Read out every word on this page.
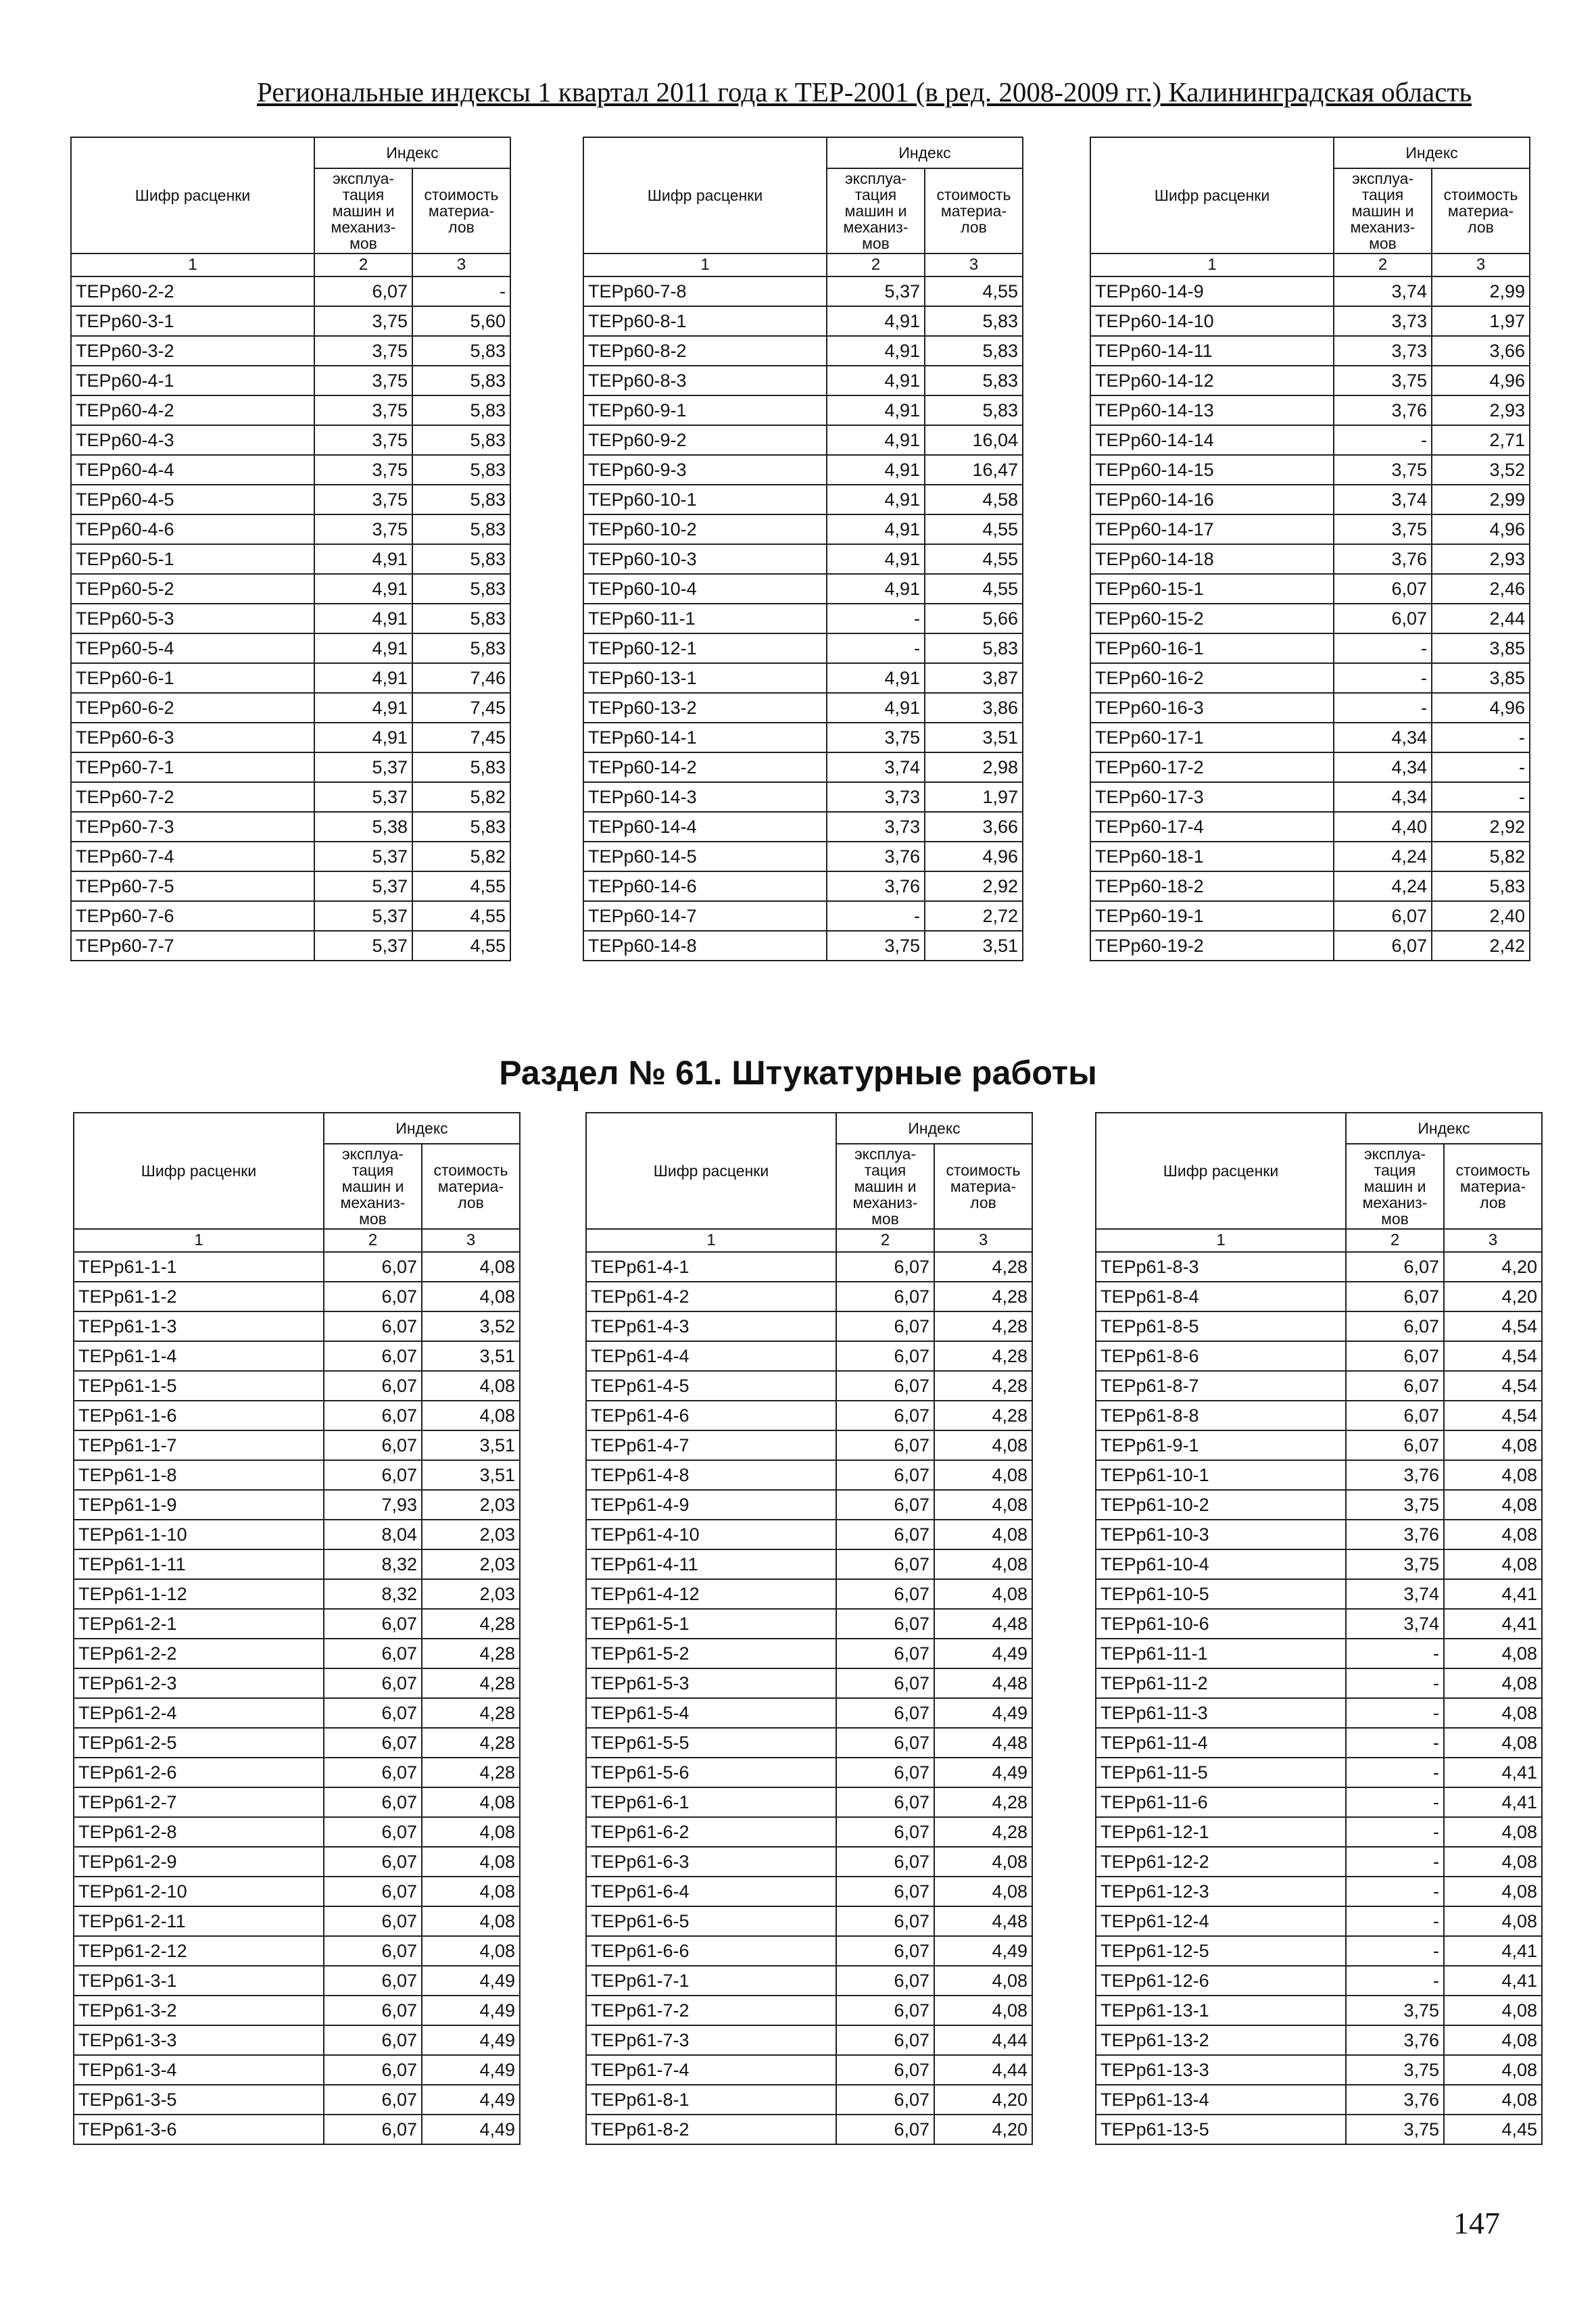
Региональные индексы 1 квартал 2011 года к ТЕР-2001 (в ред. 2008-2009 гг.) Калининградская область
Раздел № 61. Штукатурные работы
147
Шифр расценки	Индекс	
	эксплуа-
тация
машин и
механиз-
мов	стоимость
материа-
лов
1	2	3
ТЕРр60-2-2	6,07	-
ТЕРр60-3-1	3,75	5,60
ТЕРр60-3-2	3,75	5,83
ТЕРр60-4-1	3,75	5,83
ТЕРр60-4-2	3,75	5,83
ТЕРр60-4-3	3,75	5,83
ТЕРр60-4-4	3,75	5,83
ТЕРр60-4-5	3,75	5,83
ТЕРр60-4-6	3,75	5,83
ТЕРр60-5-1	4,91	5,83
ТЕРр60-5-2	4,91	5,83
ТЕРр60-5-3	4,91	5,83
ТЕРр60-5-4	4,91	5,83
ТЕРр60-6-1	4,91	7,46
ТЕРр60-6-2	4,91	7,45
ТЕРр60-6-3	4,91	7,45
ТЕРр60-7-1	5,37	5,83
ТЕРр60-7-2	5,37	5,82
ТЕРр60-7-3	5,38	5,83
ТЕРр60-7-4	5,37	5,82
ТЕРр60-7-5	5,37	4,55
ТЕРр60-7-6	5,37	4,55
ТЕРр60-7-7	5,37	4,55
Шифр расценки	Индекс	
	эксплуа-
тация
машин и
механиз-
мов	стоимость
материа-
лов
1	2	3
ТЕРр60-7-8	5,37	4,55
ТЕРр60-8-1	4,91	5,83
ТЕРр60-8-2	4,91	5,83
ТЕРр60-8-3	4,91	5,83
ТЕРр60-9-1	4,91	5,83
ТЕРр60-9-2	4,91	16,04
ТЕРр60-9-3	4,91	16,47
ТЕРр60-10-1	4,91	4,58
ТЕРр60-10-2	4,91	4,55
ТЕРр60-10-3	4,91	4,55
ТЕРр60-10-4	4,91	4,55
ТЕРр60-11-1	-	5,66
ТЕРр60-12-1	-	5,83
ТЕРр60-13-1	4,91	3,87
ТЕРр60-13-2	4,91	3,86
ТЕРр60-14-1	3,75	3,51
ТЕРр60-14-2	3,74	2,98
ТЕРр60-14-3	3,73	1,97
ТЕРр60-14-4	3,73	3,66
ТЕРр60-14-5	3,76	4,96
ТЕРр60-14-6	3,76	2,92
ТЕРр60-14-7	-	2,72
ТЕРр60-14-8	3,75	3,51
Шифр расценки	Индекс	
	эксплуа-
тация
машин и
механиз-
мов	стоимость
материа-
лов
1	2	3
ТЕРр60-14-9	3,74	2,99
ТЕРр60-14-10	3,73	1,97
ТЕРр60-14-11	3,73	3,66
ТЕРр60-14-12	3,75	4,96
ТЕРр60-14-13	3,76	2,93
ТЕРр60-14-14	-	2,71
ТЕРр60-14-15	3,75	3,52
ТЕРр60-14-16	3,74	2,99
ТЕРр60-14-17	3,75	4,96
ТЕРр60-14-18	3,76	2,93
ТЕРр60-15-1	6,07	2,46
ТЕРр60-15-2	6,07	2,44
ТЕРр60-16-1	-	3,85
ТЕРр60-16-2	-	3,85
ТЕРр60-16-3	-	4,96
ТЕРр60-17-1	4,34	-
ТЕРр60-17-2	4,34	-
ТЕРр60-17-3	4,34	-
ТЕРр60-17-4	4,40	2,92
ТЕРр60-18-1	4,24	5,82
ТЕРр60-18-2	4,24	5,83
ТЕРр60-19-1	6,07	2,40
ТЕРр60-19-2	6,07	2,42
Шифр расценки	Индекс	
	эксплуа-
тация
машин и
механиз-
мов	стоимость
материа-
лов
1	2	3
ТЕРр61-1-1	6,07	4,08
ТЕРр61-1-2	6,07	4,08
ТЕРр61-1-3	6,07	3,52
ТЕРр61-1-4	6,07	3,51
ТЕРр61-1-5	6,07	4,08
ТЕРр61-1-6	6,07	4,08
ТЕРр61-1-7	6,07	3,51
ТЕРр61-1-8	6,07	3,51
ТЕРр61-1-9	7,93	2,03
ТЕРр61-1-10	8,04	2,03
ТЕРр61-1-11	8,32	2,03
ТЕРр61-1-12	8,32	2,03
ТЕРр61-2-1	6,07	4,28
ТЕРр61-2-2	6,07	4,28
ТЕРр61-2-3	6,07	4,28
ТЕРр61-2-4	6,07	4,28
ТЕРр61-2-5	6,07	4,28
ТЕРр61-2-6	6,07	4,28
ТЕРр61-2-7	6,07	4,08
ТЕРр61-2-8	6,07	4,08
ТЕРр61-2-9	6,07	4,08
ТЕРр61-2-10	6,07	4,08
ТЕРр61-2-11	6,07	4,08
ТЕРр61-2-12	6,07	4,08
ТЕРр61-3-1	6,07	4,49
ТЕРр61-3-2	6,07	4,49
ТЕРр61-3-3	6,07	4,49
ТЕРр61-3-4	6,07	4,49
ТЕРр61-3-5	6,07	4,49
ТЕРр61-3-6	6,07	4,49
Шифр расценки	Индекс	
	эксплуа-
тация
машин и
механиз-
мов	стоимость
материа-
лов
1	2	3
ТЕРр61-4-1	6,07	4,28
ТЕРр61-4-2	6,07	4,28
ТЕРр61-4-3	6,07	4,28
ТЕРр61-4-4	6,07	4,28
ТЕРр61-4-5	6,07	4,28
ТЕРр61-4-6	6,07	4,28
ТЕРр61-4-7	6,07	4,08
ТЕРр61-4-8	6,07	4,08
ТЕРр61-4-9	6,07	4,08
ТЕРр61-4-10	6,07	4,08
ТЕРр61-4-11	6,07	4,08
ТЕРр61-4-12	6,07	4,08
ТЕРр61-5-1	6,07	4,48
ТЕРр61-5-2	6,07	4,49
ТЕРр61-5-3	6,07	4,48
ТЕРр61-5-4	6,07	4,49
ТЕРр61-5-5	6,07	4,48
ТЕРр61-5-6	6,07	4,49
ТЕРр61-6-1	6,07	4,28
ТЕРр61-6-2	6,07	4,28
ТЕРр61-6-3	6,07	4,08
ТЕРр61-6-4	6,07	4,08
ТЕРр61-6-5	6,07	4,48
ТЕРр61-6-6	6,07	4,49
ТЕРр61-7-1	6,07	4,08
ТЕРр61-7-2	6,07	4,08
ТЕРр61-7-3	6,07	4,44
ТЕРр61-7-4	6,07	4,44
ТЕРр61-8-1	6,07	4,20
ТЕРр61-8-2	6,07	4,20
Шифр расценки	Индекс	
	эксплуа-
тация
машин и
механиз-
мов	стоимость
материа-
лов
1	2	3
ТЕРр61-8-3	6,07	4,20
ТЕРр61-8-4	6,07	4,20
ТЕРр61-8-5	6,07	4,54
ТЕРр61-8-6	6,07	4,54
ТЕРр61-8-7	6,07	4,54
ТЕРр61-8-8	6,07	4,54
ТЕРр61-9-1	6,07	4,08
ТЕРр61-10-1	3,76	4,08
ТЕРр61-10-2	3,75	4,08
ТЕРр61-10-3	3,76	4,08
ТЕРр61-10-4	3,75	4,08
ТЕРр61-10-5	3,74	4,41
ТЕРр61-10-6	3,74	4,41
ТЕРр61-11-1	-	4,08
ТЕРр61-11-2	-	4,08
ТЕРр61-11-3	-	4,08
ТЕРр61-11-4	-	4,08
ТЕРр61-11-5	-	4,41
ТЕРр61-11-6	-	4,41
ТЕРр61-12-1	-	4,08
ТЕРр61-12-2	-	4,08
ТЕРр61-12-3	-	4,08
ТЕРр61-12-4	-	4,08
ТЕРр61-12-5	-	4,41
ТЕРр61-12-6	-	4,41
ТЕРр61-13-1	3,75	4,08
ТЕРр61-13-2	3,76	4,08
ТЕРр61-13-3	3,75	4,08
ТЕРр61-13-4	3,76	4,08
ТЕРр61-13-5	3,75	4,45
